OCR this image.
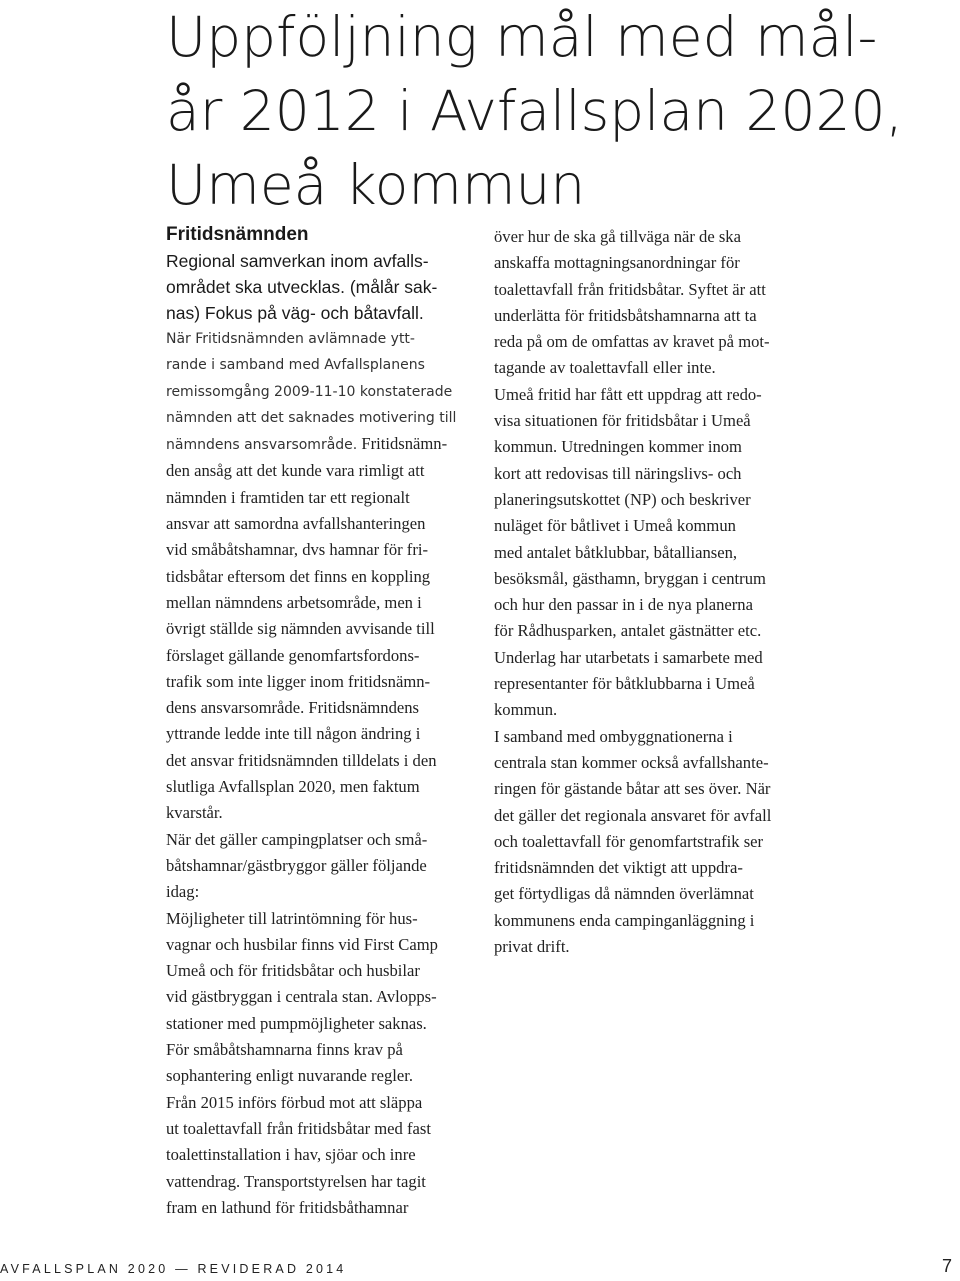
Uppföljning mål med mål-
år 2012 i Avfallsplan 2020,
Umeå kommun

Fritidsnämnden

Regional samverkan inom avfalls-

området ska utvecklas. (målår sak-

nas) Fokus på väg- och båtavfall.

När Fritidsnämnden avlämnade ytt-

rande i samband med Avfallsplanens

remissomgång 2009-11-10 konstaterade

nämnden att det saknades motivering till

nämndens ansvarsområde. Fritidsnämn-

den ansåg att det kunde vara rimligt att

nämnden i framtiden tar ett regionalt

ansvar att samordna avfallshanteringen

vid småbåtshamnar, dvs hamnar för fri-

tidsbåtar eftersom det finns en koppling

mellan nämndens arbetsområde, men i

övrigt ställde sig nämnden avvisande till

förslaget gällande genomfartsfordons-

trafik som inte ligger inom fritidsnämn-

dens ansvarsområde. Fritidsnämndens

yttrande ledde inte till någon ändring i

det ansvar fritidsnämnden tilldelats i den

slutliga Avfallsplan 2020, men faktum

kvarstår.

När det gäller campingplatser och små-

båtshamnar/gästbryggor gäller följande

idag:

Möjligheter till latrintömning för hus-

vagnar och husbilar finns vid First Camp

Umeå och för fritidsbåtar och husbilar

vid gästbryggan i centrala stan. Avlopps-

stationer med pumpmöjligheter saknas.

För småbåtshamnarna finns krav på

sophantering enligt nuvarande regler.

Från 2015 införs förbud mot att släppa

ut toalettavfall från fritidsbåtar med fast

toalettinstallation i hav, sjöar och inre

vattendrag. Transportstyrelsen har tagit

fram en lathund för fritidsbåthamnar

över hur de ska gå tillväga när de ska

anskaffa mottagningsanordningar för

toalettavfall från fritidsbåtar. Syftet är att

underlätta för fritidsbåtshamnarna att ta

reda på om de omfattas av kravet på mot-

tagande av toalettavfall eller inte.

Umeå fritid har fått ett uppdrag att redo-

visa situationen för fritidsbåtar i Umeå

kommun. Utredningen kommer inom

kort att redovisas till näringslivs- och

planeringsutskottet (NP) och beskriver

nuläget för båtlivet i Umeå kommun

med antalet båtklubbar, båtalliansen,

besöksmål, gästhamn, bryggan i centrum

och hur den passar in i de nya planerna

för Rådhusparken, antalet gästnätter etc.

Underlag har utarbetats i samarbete med

representanter för båtklubbarna i Umeå

kommun.

I samband med ombyggnationerna i

centrala stan kommer också avfallshante-

ringen för gästande båtar att ses över. När

det gäller det regionala ansvaret för avfall

och toalettavfall för genomfartstrafik ser

fritidsnämnden det viktigt att uppdra-

get förtydligas då nämnden överlämnat

kommunens enda campinganläggning i

privat drift.

AVFALLSPLAN 2020 — REVIDERAD 2014	7
